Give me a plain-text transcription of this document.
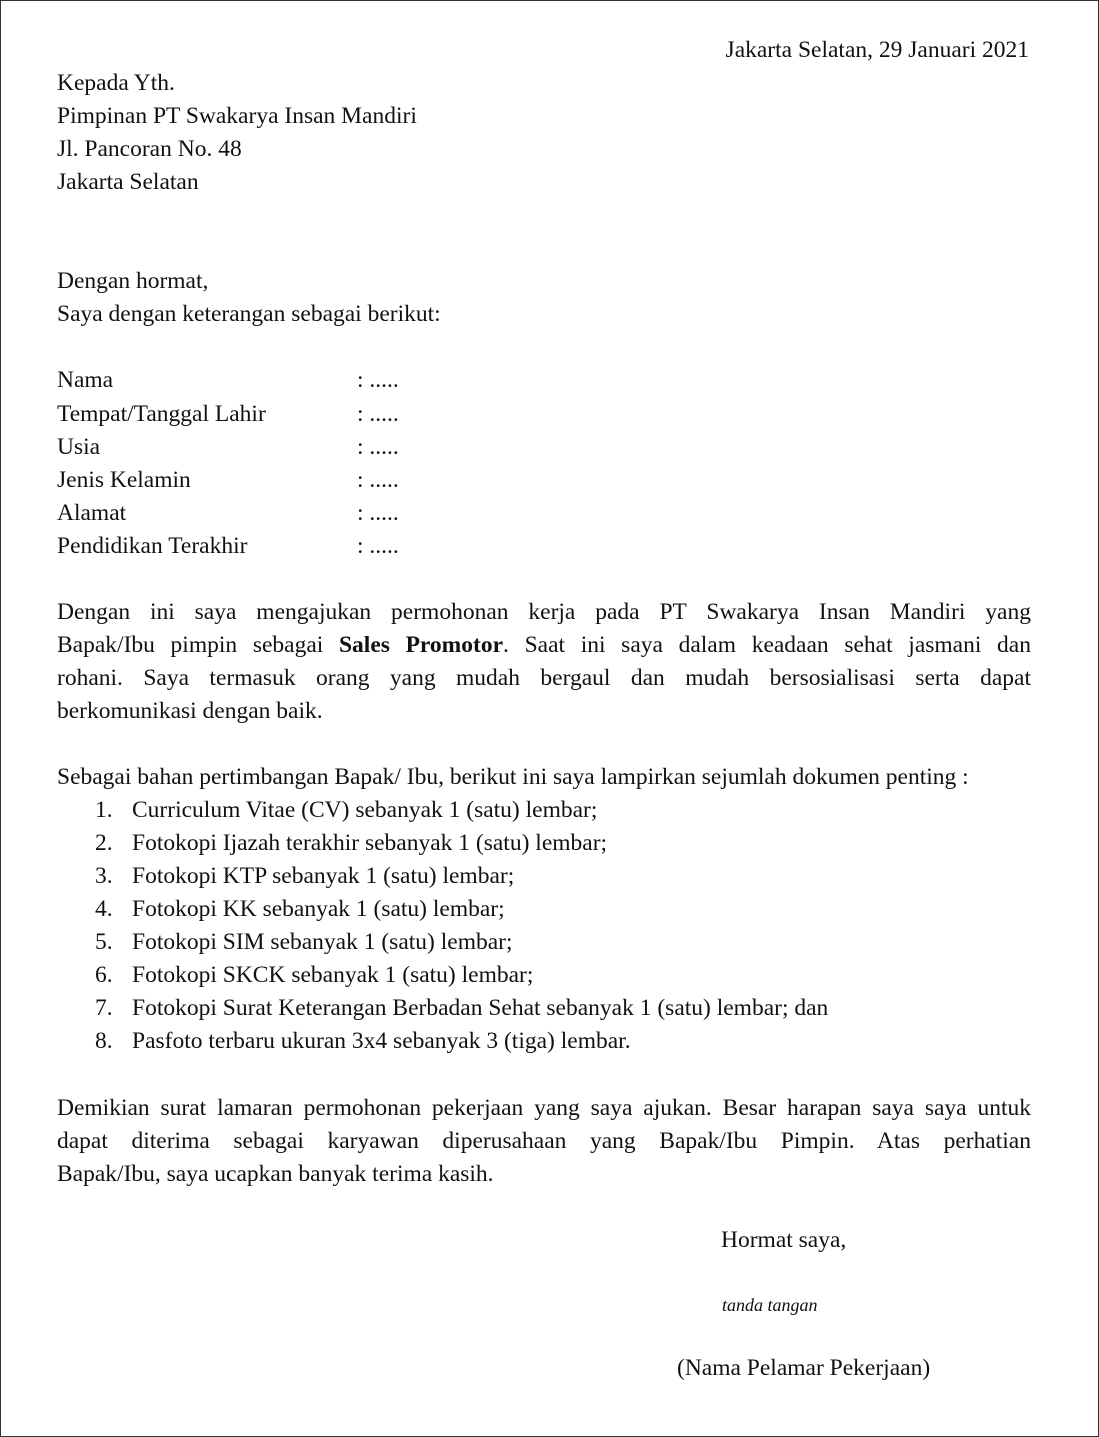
Jakarta Selatan, 29 Januari 2021
Kepada Yth.
Pimpinan PT Swakarya Insan Mandiri
Jl. Pancoran No. 48
Jakarta Selatan
Dengan hormat,
Saya dengan keterangan sebagai berikut:
Nama	: .....
Tempat/Tanggal Lahir	: .....
Usia	: .....
Jenis Kelamin	: .....
Alamat	: .....
Pendidikan Terakhir	: .....
Dengan ini saya mengajukan permohonan kerja pada PT Swakarya Insan Mandiri yang
Bapak/Ibu pimpin sebagai Sales Promotor. Saat ini saya dalam keadaan sehat jasmani dan
rohani. Saya termasuk orang yang mudah bergaul dan mudah bersosialisasi serta dapat
berkomunikasi dengan baik.
Sebagai bahan pertimbangan Bapak/ Ibu, berikut ini saya lampirkan sejumlah dokumen penting :
1. Curriculum Vitae (CV) sebanyak 1 (satu) lembar;
2. Fotokopi Ijazah terakhir sebanyak 1 (satu) lembar;
3. Fotokopi KTP sebanyak 1 (satu) lembar;
4. Fotokopi KK sebanyak 1 (satu) lembar;
5. Fotokopi SIM sebanyak 1 (satu) lembar;
6. Fotokopi SKCK sebanyak 1 (satu) lembar;
7. Fotokopi Surat Keterangan Berbadan Sehat sebanyak 1 (satu) lembar; dan
8. Pasfoto terbaru ukuran 3x4 sebanyak 3 (tiga) lembar.
Demikian surat lamaran permohonan pekerjaan yang saya ajukan. Besar harapan saya saya untuk
dapat diterima sebagai karyawan diperusahaan yang Bapak/Ibu Pimpin. Atas perhatian
Bapak/Ibu, saya ucapkan banyak terima kasih.
Hormat saya,
tanda tangan
(Nama Pelamar Pekerjaan)
